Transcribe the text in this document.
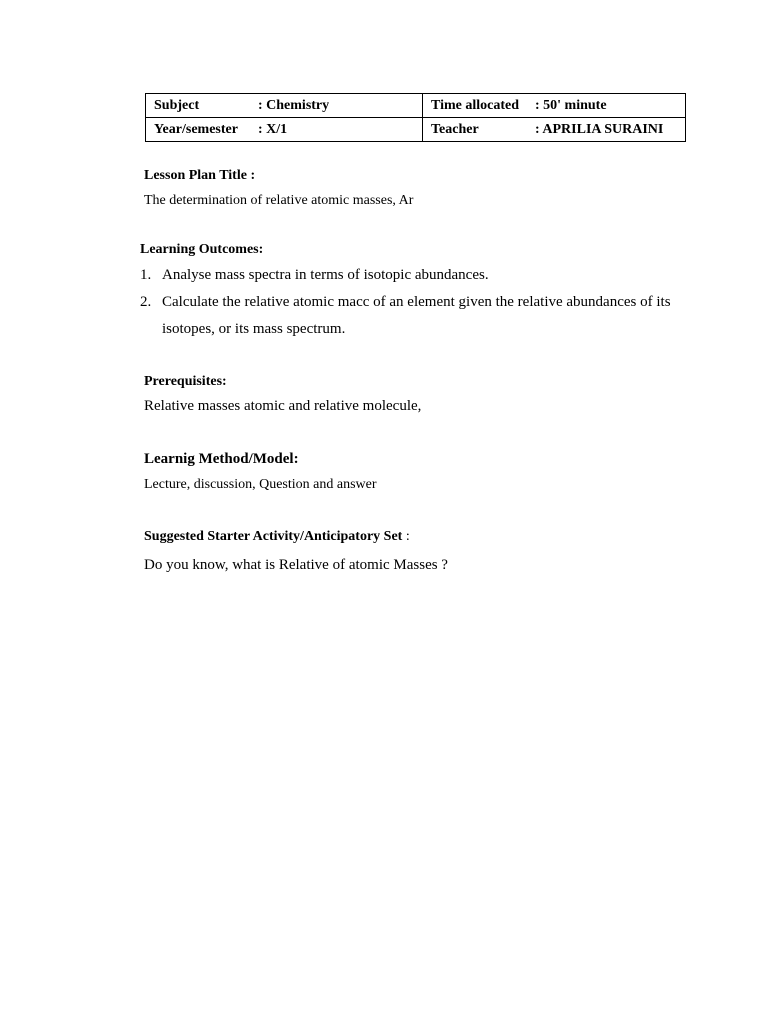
Subject : Chemistry	Time allocated : 50' minute
Year/semester : X/1	Teacher : APRILIA SURAINI
Lesson Plan Title :
The determination of relative atomic masses, Ar
Learning Outcomes:
1. Analyse mass spectra in terms of isotopic abundances.
2. Calculate the relative atomic macc of an element given the relative abundances of its
isotopes, or its mass spectrum.
Prerequisites:
Relative masses atomic and relative molecule,
Learnig Method/Model:
Lecture, discussion, Question and answer
Suggested Starter Activity/Anticipatory Set :
Do you know, what is Relative of atomic Masses ?
